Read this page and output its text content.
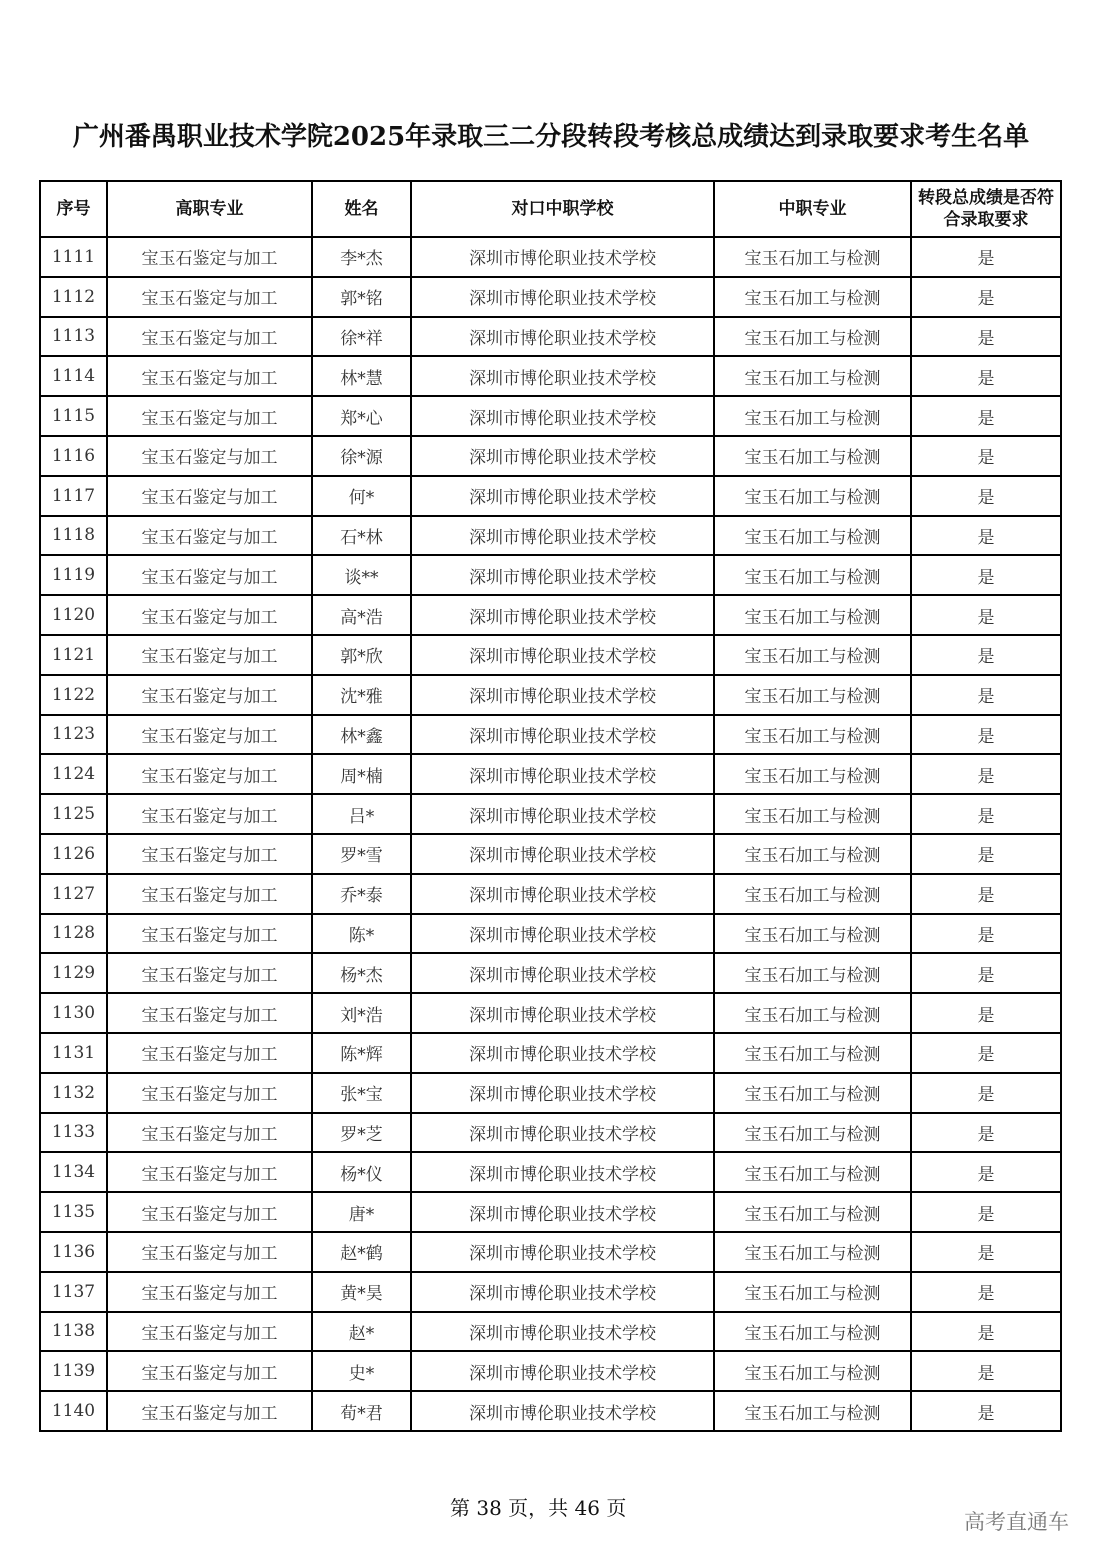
广州番禺职业技术学院2025年录取三二分段转段考核总成绩达到录取要求考生名单
序号	高职专业	姓名	对口中职学校	中职专业	转段总成绩是否符合录取要求
1111	宝玉石鉴定与加工	李*杰	深圳市博伦职业技术学校	宝玉石加工与检测	是
1112	宝玉石鉴定与加工	郭*铭	深圳市博伦职业技术学校	宝玉石加工与检测	是
1113	宝玉石鉴定与加工	徐*祥	深圳市博伦职业技术学校	宝玉石加工与检测	是
1114	宝玉石鉴定与加工	林*慧	深圳市博伦职业技术学校	宝玉石加工与检测	是
1115	宝玉石鉴定与加工	郑*心	深圳市博伦职业技术学校	宝玉石加工与检测	是
1116	宝玉石鉴定与加工	徐*源	深圳市博伦职业技术学校	宝玉石加工与检测	是
1117	宝玉石鉴定与加工	何*	深圳市博伦职业技术学校	宝玉石加工与检测	是
1118	宝玉石鉴定与加工	石*林	深圳市博伦职业技术学校	宝玉石加工与检测	是
1119	宝玉石鉴定与加工	谈**	深圳市博伦职业技术学校	宝玉石加工与检测	是
1120	宝玉石鉴定与加工	高*浩	深圳市博伦职业技术学校	宝玉石加工与检测	是
1121	宝玉石鉴定与加工	郭*欣	深圳市博伦职业技术学校	宝玉石加工与检测	是
1122	宝玉石鉴定与加工	沈*雅	深圳市博伦职业技术学校	宝玉石加工与检测	是
1123	宝玉石鉴定与加工	林*鑫	深圳市博伦职业技术学校	宝玉石加工与检测	是
1124	宝玉石鉴定与加工	周*楠	深圳市博伦职业技术学校	宝玉石加工与检测	是
1125	宝玉石鉴定与加工	吕*	深圳市博伦职业技术学校	宝玉石加工与检测	是
1126	宝玉石鉴定与加工	罗*雪	深圳市博伦职业技术学校	宝玉石加工与检测	是
1127	宝玉石鉴定与加工	乔*泰	深圳市博伦职业技术学校	宝玉石加工与检测	是
1128	宝玉石鉴定与加工	陈*	深圳市博伦职业技术学校	宝玉石加工与检测	是
1129	宝玉石鉴定与加工	杨*杰	深圳市博伦职业技术学校	宝玉石加工与检测	是
1130	宝玉石鉴定与加工	刘*浩	深圳市博伦职业技术学校	宝玉石加工与检测	是
1131	宝玉石鉴定与加工	陈*辉	深圳市博伦职业技术学校	宝玉石加工与检测	是
1132	宝玉石鉴定与加工	张*宝	深圳市博伦职业技术学校	宝玉石加工与检测	是
1133	宝玉石鉴定与加工	罗*芝	深圳市博伦职业技术学校	宝玉石加工与检测	是
1134	宝玉石鉴定与加工	杨*仪	深圳市博伦职业技术学校	宝玉石加工与检测	是
1135	宝玉石鉴定与加工	唐*	深圳市博伦职业技术学校	宝玉石加工与检测	是
1136	宝玉石鉴定与加工	赵*鹤	深圳市博伦职业技术学校	宝玉石加工与检测	是
1137	宝玉石鉴定与加工	黄*昊	深圳市博伦职业技术学校	宝玉石加工与检测	是
1138	宝玉石鉴定与加工	赵*	深圳市博伦职业技术学校	宝玉石加工与检测	是
1139	宝玉石鉴定与加工	史*	深圳市博伦职业技术学校	宝玉石加工与检测	是
1140	宝玉石鉴定与加工	荀*君	深圳市博伦职业技术学校	宝玉石加工与检测	是
第 38 页，共 46 页
高考直通车
